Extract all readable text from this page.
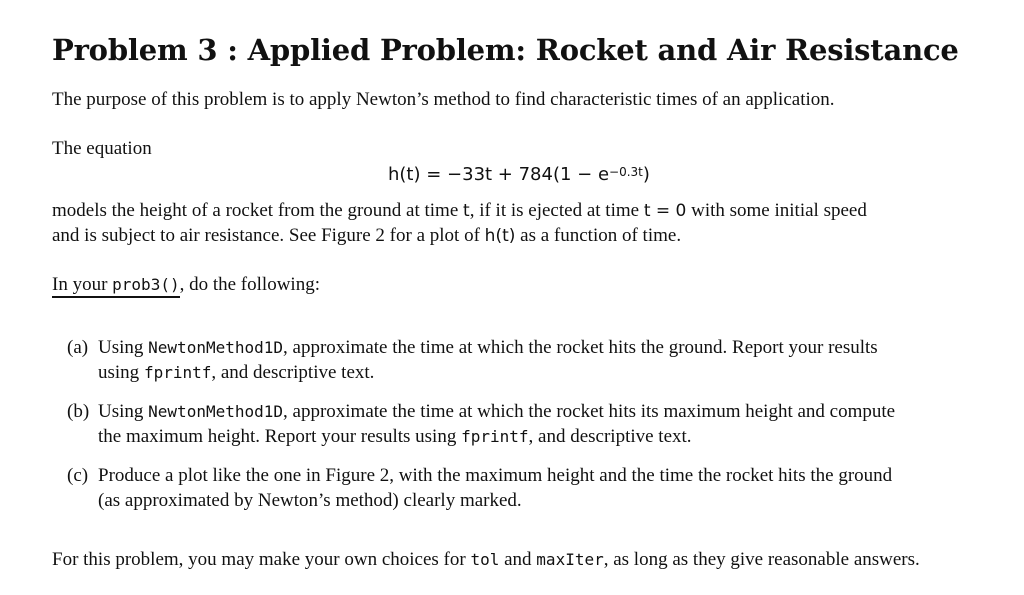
Problem 3 : Applied Problem: Rocket and Air Resistance
The purpose of this problem is to apply Newton’s method to find characteristic times of an application.
The equation
$h(t) = -33t + 784(1 - e^{-0.3t})$
models the height of a rocket from the ground at time t, if it is ejected at time t = 0 with some initial speed
and is subject to air resistance. See Figure 2 for a plot of h(t) as a function of time.
In your prob3(), do the following:
(a) Using NewtonMethod1D, approximate the time at which the rocket hits the ground. Report your results
using fprintf, and descriptive text.
(b) Using NewtonMethod1D, approximate the time at which the rocket hits its maximum height and compute
the maximum height. Report your results using fprintf, and descriptive text.
(c) Produce a plot like the one in Figure 2, with the maximum height and the time the rocket hits the ground
(as approximated by Newton’s method) clearly marked.
For this problem, you may make your own choices for tol and maxIter, as long as they give reasonable answers.
